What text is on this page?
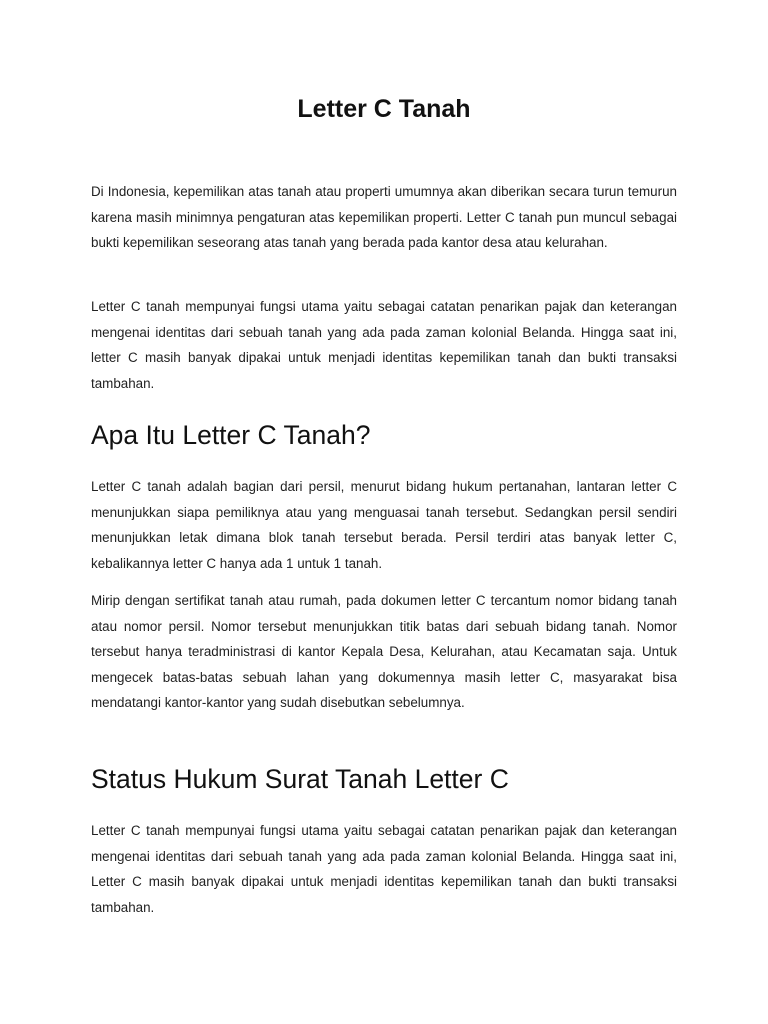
Letter C Tanah

Di Indonesia, kepemilikan atas tanah atau properti umumnya akan diberikan secara turun temurun karena masih minimnya pengaturan atas kepemilikan properti. Letter C tanah pun muncul sebagai bukti kepemilikan seseorang atas tanah yang berada pada kantor desa atau kelurahan.

Letter C tanah mempunyai fungsi utama yaitu sebagai catatan penarikan pajak dan keterangan mengenai identitas dari sebuah tanah yang ada pada zaman kolonial Belanda. Hingga saat ini, letter C masih banyak dipakai untuk menjadi identitas kepemilikan tanah dan bukti transaksi tambahan.

Apa Itu Letter C Tanah?

Letter C tanah adalah bagian dari persil, menurut bidang hukum pertanahan, lantaran letter C menunjukkan siapa pemiliknya atau yang menguasai tanah tersebut. Sedangkan persil sendiri menunjukkan letak dimana blok tanah tersebut berada. Persil terdiri atas banyak letter C, kebalikannya letter C hanya ada 1 untuk 1 tanah.

Mirip dengan sertifikat tanah atau rumah, pada dokumen letter C tercantum nomor bidang tanah atau nomor persil. Nomor tersebut menunjukkan titik batas dari sebuah bidang tanah. Nomor tersebut hanya teradministrasi di kantor Kepala Desa, Kelurahan, atau Kecamatan saja. Untuk mengecek batas-batas sebuah lahan yang dokumennya masih letter C, masyarakat bisa mendatangi kantor-kantor yang sudah disebutkan sebelumnya.

Status Hukum Surat Tanah Letter C

Letter C tanah mempunyai fungsi utama yaitu sebagai catatan penarikan pajak dan keterangan mengenai identitas dari sebuah tanah yang ada pada zaman kolonial Belanda. Hingga saat ini, Letter C masih banyak dipakai untuk menjadi identitas kepemilikan tanah dan bukti transaksi tambahan.
